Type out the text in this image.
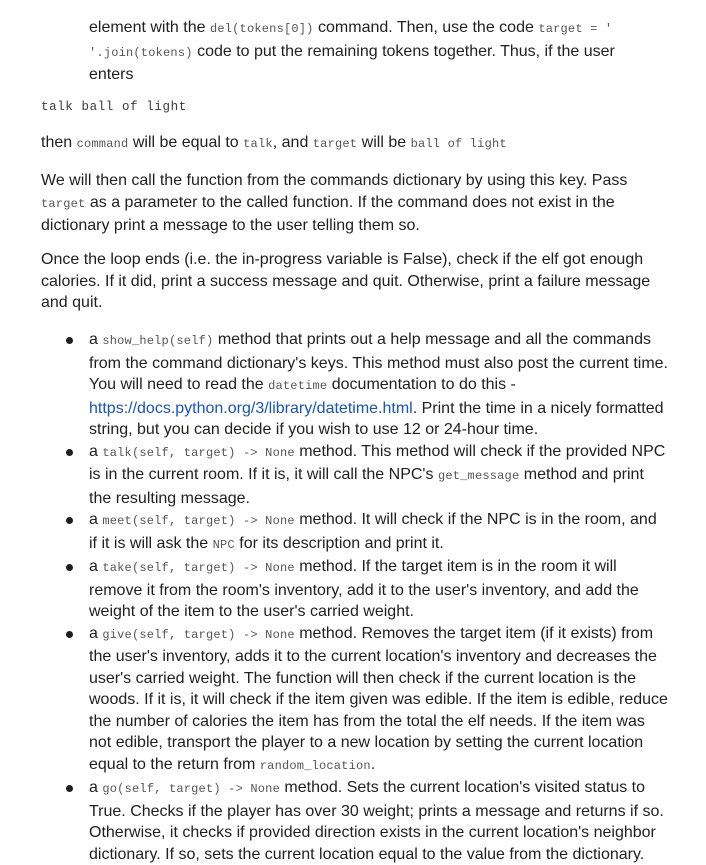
element with the del(tokens[0]) command. Then, use the code target = ' '.join(tokens) code to put the remaining tokens together. Thus, if the user enters

talk ball of light

then command will be equal to talk, and target will be ball of light

We will then call the function from the commands dictionary by using this key. Pass target as a parameter to the called function. If the command does not exist in the dictionary print a message to the user telling them so.

Once the loop ends (i.e. the in-progress variable is False), check if the elf got enough calories. If it did, print a success message and quit. Otherwise, print a failure message and quit.

a show_help(self) method that prints out a help message and all the commands from the command dictionary's keys. This method must also post the current time. You will need to read the datetime documentation to do this - https://docs.python.org/3/library/datetime.html. Print the time in a nicely formatted string, but you can decide if you wish to use 12 or 24-hour time.
a talk(self, target) -> None method. This method will check if the provided NPC is in the current room. If it is, it will call the NPC's get_message method and print the resulting message.
a meet(self, target) -> None method. It will check if the NPC is in the room, and if it is will ask the NPC for its description and print it.
a take(self, target) -> None method. If the target item is in the room it will remove it from the room's inventory, add it to the user's inventory, and add the weight of the item to the user's carried weight.
a give(self, target) -> None method. Removes the target item (if it exists) from the user's inventory, adds it to the current location's inventory and decreases the user's carried weight. The function will then check if the current location is the woods. If it is, it will check if the item given was edible. If the item is edible, reduce the number of calories the item has from the total the elf needs. If the item was not edible, transport the player to a new location by setting the current location equal to the return from random_location.
a go(self, target) -> None method. Sets the current location's visited status to True. Checks if the player has over 30 weight; prints a message and returns if so. Otherwise, it checks if provided direction exists in the current location's neighbor dictionary. If so, sets the current location equal to the value from the dictionary.
